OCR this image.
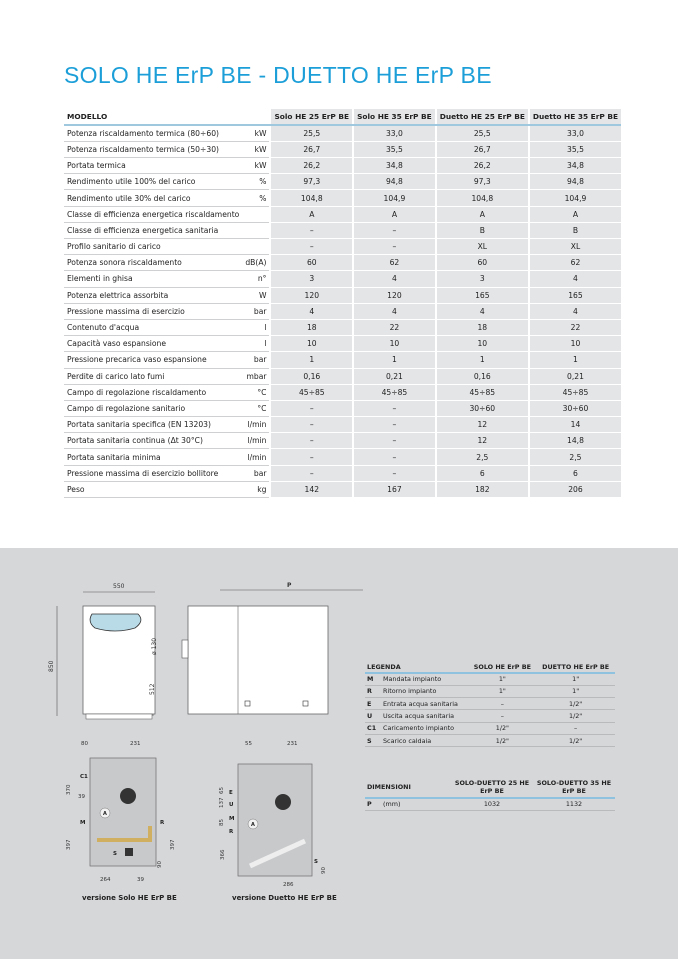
SOLO HE ErP BE - DUETTO HE ErP BE
MODELLO		Solo HE 25 ErP BE	Solo HE 35 ErP BE	Duetto HE 25 ErP BE	Duetto HE 35 ErP BE
Potenza riscaldamento termica (80÷60)	kW	25,5	33,0	25,5	33,0
Potenza riscaldamento termica (50÷30)	kW	26,7	35,5	26,7	35,5
Portata termica	kW	26,2	34,8	26,2	34,8
Rendimento utile 100% del carico	%	97,3	94,8	97,3	94,8
Rendimento utile 30% del carico	%	104,8	104,9	104,8	104,9
Classe di efficienza energetica riscaldamento		A	A	A	A
Classe di efficienza energetica sanitaria		–	–	B	B
Profilo sanitario di carico		–	–	XL	XL
Potenza sonora riscaldamento	dB(A)	60	62	60	62
Elementi in ghisa	n°	3	4	3	4
Potenza elettrica assorbita	W	120	120	165	165
Pressione massima di esercizio	bar	4	4	4	4
Contenuto d'acqua	l	18	22	18	22
Capacità vaso espansione	l	10	10	10	10
Pressione precarica vaso espansione	bar	1	1	1	1
Perdite di carico lato fumi	mbar	0,16	0,21	0,16	0,21
Campo di regolazione riscaldamento	°C	45÷85	45÷85	45÷85	45÷85
Campo di regolazione sanitario	°C	–	–	30÷60	30÷60
Portata sanitaria specifica (EN 13203)	l/min	–	–	12	14
Portata sanitaria continua (Δt 30°C)	l/min	–	–	12	14,8
Portata sanitaria minima	l/min	–	–	2,5	2,5
Pressione massima di esercizio bollitore	bar	–	–	6	6
Peso	kg	142	167	182	206
550
850
P
ø 130
512
80	231
370
39
397	397
90
264	39
C1
M	R
S
A
55	231
65
137
85
366
90
286
E
U
M
R
S
A
versione Solo HE ErP BE	versione Duetto HE ErP BE
LEGENDA		SOLO HE ErP BE	DUETTO HE ErP BE
M	Mandata impianto	1"	1"
R	Ritorno impianto	1"	1"
E	Entrata acqua sanitaria	–	1/2"
U	Uscita acqua sanitaria	–	1/2"
C1	Caricamento impianto	1/2"	–
S	Scarico caldaia	1/2"	1/2"
DIMENSIONI		SOLO-DUETTO 25 HE ErP BE	SOLO-DUETTO 35 HE ErP BE
P	(mm)	1032	1132
